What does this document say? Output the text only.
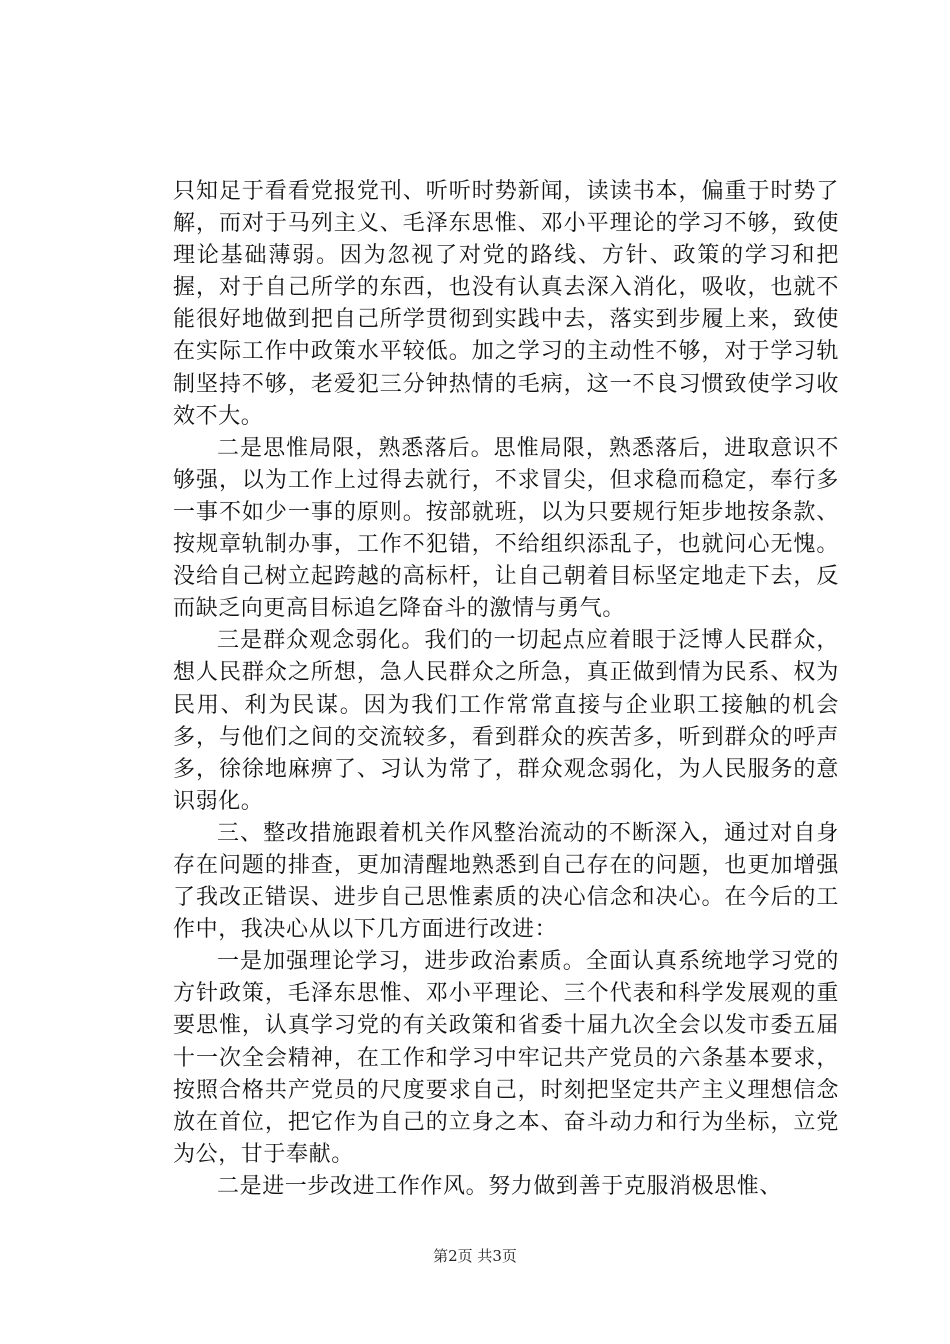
只知足于看看党报党刊、听听时势新闻，读读书本，偏重于时势了解，而对于马列主义、毛泽东思惟、邓小平理论的学习不够，致使理论基础薄弱。因为忽视了对党的路线、方针、政策的学习和把握，对于自己所学的东西，也没有认真去深入消化，吸收，也就不能很好地做到把自己所学贯彻到实践中去，落实到步履上来，致使在实际工作中政策水平较低。加之学习的主动性不够，对于学习轨制坚持不够，老爱犯三分钟热情的毛病，这一不良习惯致使学习收效不大。

二是思惟局限，熟悉落后。思惟局限，熟悉落后，进取意识不够强，以为工作上过得去就行，不求冒尖，但求稳而稳定，奉行多一事不如少一事的原则。按部就班，以为只要规行矩步地按条款、按规章轨制办事，工作不犯错，不给组织添乱子，也就问心无愧。没给自己树立起跨越的高标杆，让自己朝着目标坚定地走下去，反而缺乏向更高目标追乞降奋斗的激情与勇气。

三是群众观念弱化。我们的一切起点应着眼于泛博人民群众，想人民群众之所想，急人民群众之所急，真正做到情为民系、权为民用、利为民谋。因为我们工作常常直接与企业职工接触的机会多，与他们之间的交流较多，看到群众的疾苦多，听到群众的呼声多，徐徐地麻痹了、习认为常了，群众观念弱化，为人民服务的意识弱化。

三、整改措施跟着机关作风整治流动的不断深入，通过对自身存在问题的排查，更加清醒地熟悉到自己存在的问题，也更加增强了我改正错误、进步自己思惟素质的决心信念和决心。在今后的工作中，我决心从以下几方面进行改进：

一是加强理论学习，进步政治素质。全面认真系统地学习党的方针政策，毛泽东思惟、邓小平理论、三个代表和科学发展观的重要思惟，认真学习党的有关政策和省委十届九次全会以发市委五届十一次全会精神，在工作和学习中牢记共产党员的六条基本要求，按照合格共产党员的尺度要求自己，时刻把坚定共产主义理想信念放在首位，把它作为自己的立身之本、奋斗动力和行为坐标，立党为公，甘于奉献。

二是进一步改进工作作风。努力做到善于克服消极思惟、

第2页 共3页
